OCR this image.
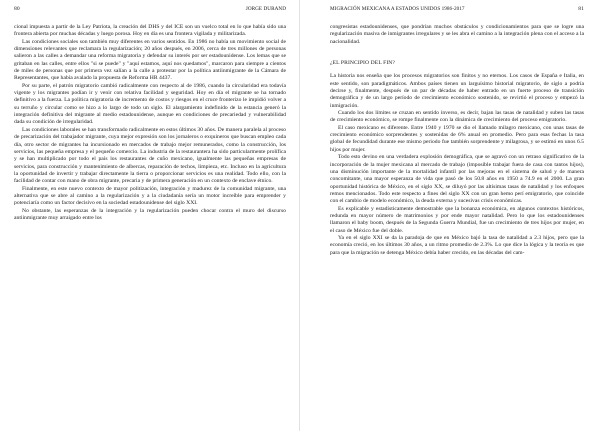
80	JORGE DURAND

cional impuesta a partir de la Ley Patriota, la creación del DHS y del ICE son un vuelco total en lo que había sido una frontera abierta por muchas décadas y luego porosa. Hoy en día es una frontera vigilada y militarizada.

Las condiciones sociales son también muy diferentes en varios sentidos. En 1986 no había un movimiento social de dimensiones relevantes que reclamara la regularización; 20 años después, en 2006, cerca de tres millones de personas salieron a las calles a demandar una reforma migratoria y defendar su interés por ser estadounidense. Los lemas que se gritaban en las calles, entre ellos "si se puede" y "aquí estamos, aquí nos quedamos", marcaron para siempre a cientos de miles de personas que por primera vez salían a la calle a protestar por la política antiinmigrante de la Cámara de Representantes, que había avalado la propuesta de Reforma HR 4437.

Por su parte, el patrón migratorio cambió radicalmente con respecto al de 1986, cuando la circularidad era todavía vigente y los migrantes podían ir y venir con relativa facilidad y seguridad. Hoy en día el migrante se ha tornado definitivo a la fuerza. La política migratoria de incremento de costos y riesgos en el cruce fronterizo le impidió volver a su terruño y circular como se hizo a lo largo de todo un siglo. El alargamiento indefinido de la estancia generó la integración definitiva del migrante al medio estadounidense, aunque en condiciones de precariedad y vulnerabilidad dada su condición de irregularidad.

Las condiciones laborales se han transformado radicalmente en estos últimos 30 años. De manera paralela al proceso de precarización del trabajador migrante, cuya mejor expresión son los jornaleros o exquineros que buscan empleo cada día, otro sector de migrantes ha incursionado en mercados de trabajo mejor remunerados, como la construcción, los servicios, las pequeña empresa y el pequeño comercio. La industria de la restaurantera ha sido particularmente prolífica y se han multiplicado por todo el país los restaurantes de cuño mexicano, igualmente las pequeñas empresas de servicios, para construcción y mantenimiento de albercas, reparación de techos, limpieza, etc. Incluso en la agricultura la oportunidad de invertir y trabajar directamente la tierra o proporcionar servicios es una realidad. Todo ello, con la facilidad de contar con mano de obra migrante, precaria y de primera generación en un contexto de enclave étnico.

Finalmente, en este nuevo contexto de mayor politización, integración y madurez de la comunidad migrante, una alternativa que se abre al camino a la regularización y a la ciudadanía sería un motor increíble para emprender y potenciaría como un factor decisivo en la sociedad estadounidense del siglo XXI.

No obstante, las esperanzas de la integración y la regularización pueden chocar contra el muro del discurso antiinmigrante muy arraigado entre los

MIGRACIÓN MEXICANA A ESTADOS UNIDOS 1986-2017	81

congresistas estadounidenses, que pondrían muchos obstáculos y condicionamientos para que se logre una regularización masiva de inmigrantes irregulares y se les abra el camino a la integración plena con el acceso a la nacionalidad.

¿EL PRINCIPIO DEL FIN?

La historia nos enseña que los procesos migratorios son finitos y no eternos. Los casos de España e Italia, en este sentido, son paradigmáticos. Ambos países tienen un larguísimo historial migratorio, de siglo a podría decirse y, finalmente, después de un par de décadas de haber entrado en un fuerte proceso de transición demográfica y de un largo período de crecimiento económico sostenido, se revirtió el proceso y empezó la inmigración.

Cuando los dos límites se cruzan en sentido inverso, es decir, bajan las tasas de natalidad y suben las tasas de crecimiento económico, se rompe finalmente con la dinámica de crecimiento del proceso emigratorio.

El caso mexicano es diferente. Entre 1940 y 1970 se dio el llamado milagro mexicano, con unas tasas de crecimiento económico sorprendentes y sostenidas de 6% anual en promedio. Pero para esas fechas la tasa global de fecundidad durante ese mismo periodo fue también sorprendente y milagrosa, y se estimó en unos 6.5 hijos por mujer.

Todo esto devino en una verdadera explosión demográfica, que se agravó con un retraso significativo de la incorporación de la mujer mexicana al mercado de trabajo (imposible trabajar fuera de casa con tantos hijos), una disminución importante de la mortalidad infantil por las mejoras en el sistema de salud y de manera concomitante, una mayor esperanza de vida que pasó de los 50.8 años en 1950 a 74.9 en el 2000. La gran oportunidad histórica de México, en el siglo XX, se diluyó por las altísimas tasas de natalidad y los enfoques remos mencionados. Todo este respecto a fines del siglo XX con un gran hemo perí emigratorio, que coincide con el cambio de modelo económico, la deuda externa y sucesivas crisis económicas.

Es explicable y estadísticamente demostrable que la bonanza económica, en algunos contextos históricos, redunda en mayor número de matrimonios y por ende mayor natalidad. Pero lo que los estadounidenses llamaron el baby boom, después de la Segunda Guerra Mundial, fue un crecimiento de tres hijos por mujer, en el caso de México fue del doble.

Ya en el siglo XXI se da la paradoja de que en México bajó la tasa de natalidad a 2.3 hijos, pero que la economía creció, en los últimos 30 años, a un ritmo promedio de 2.3%. Lo que dice la lógica y la teoría es que para que la migración se detenga México debía haber crecido, en las décadas del cam-
